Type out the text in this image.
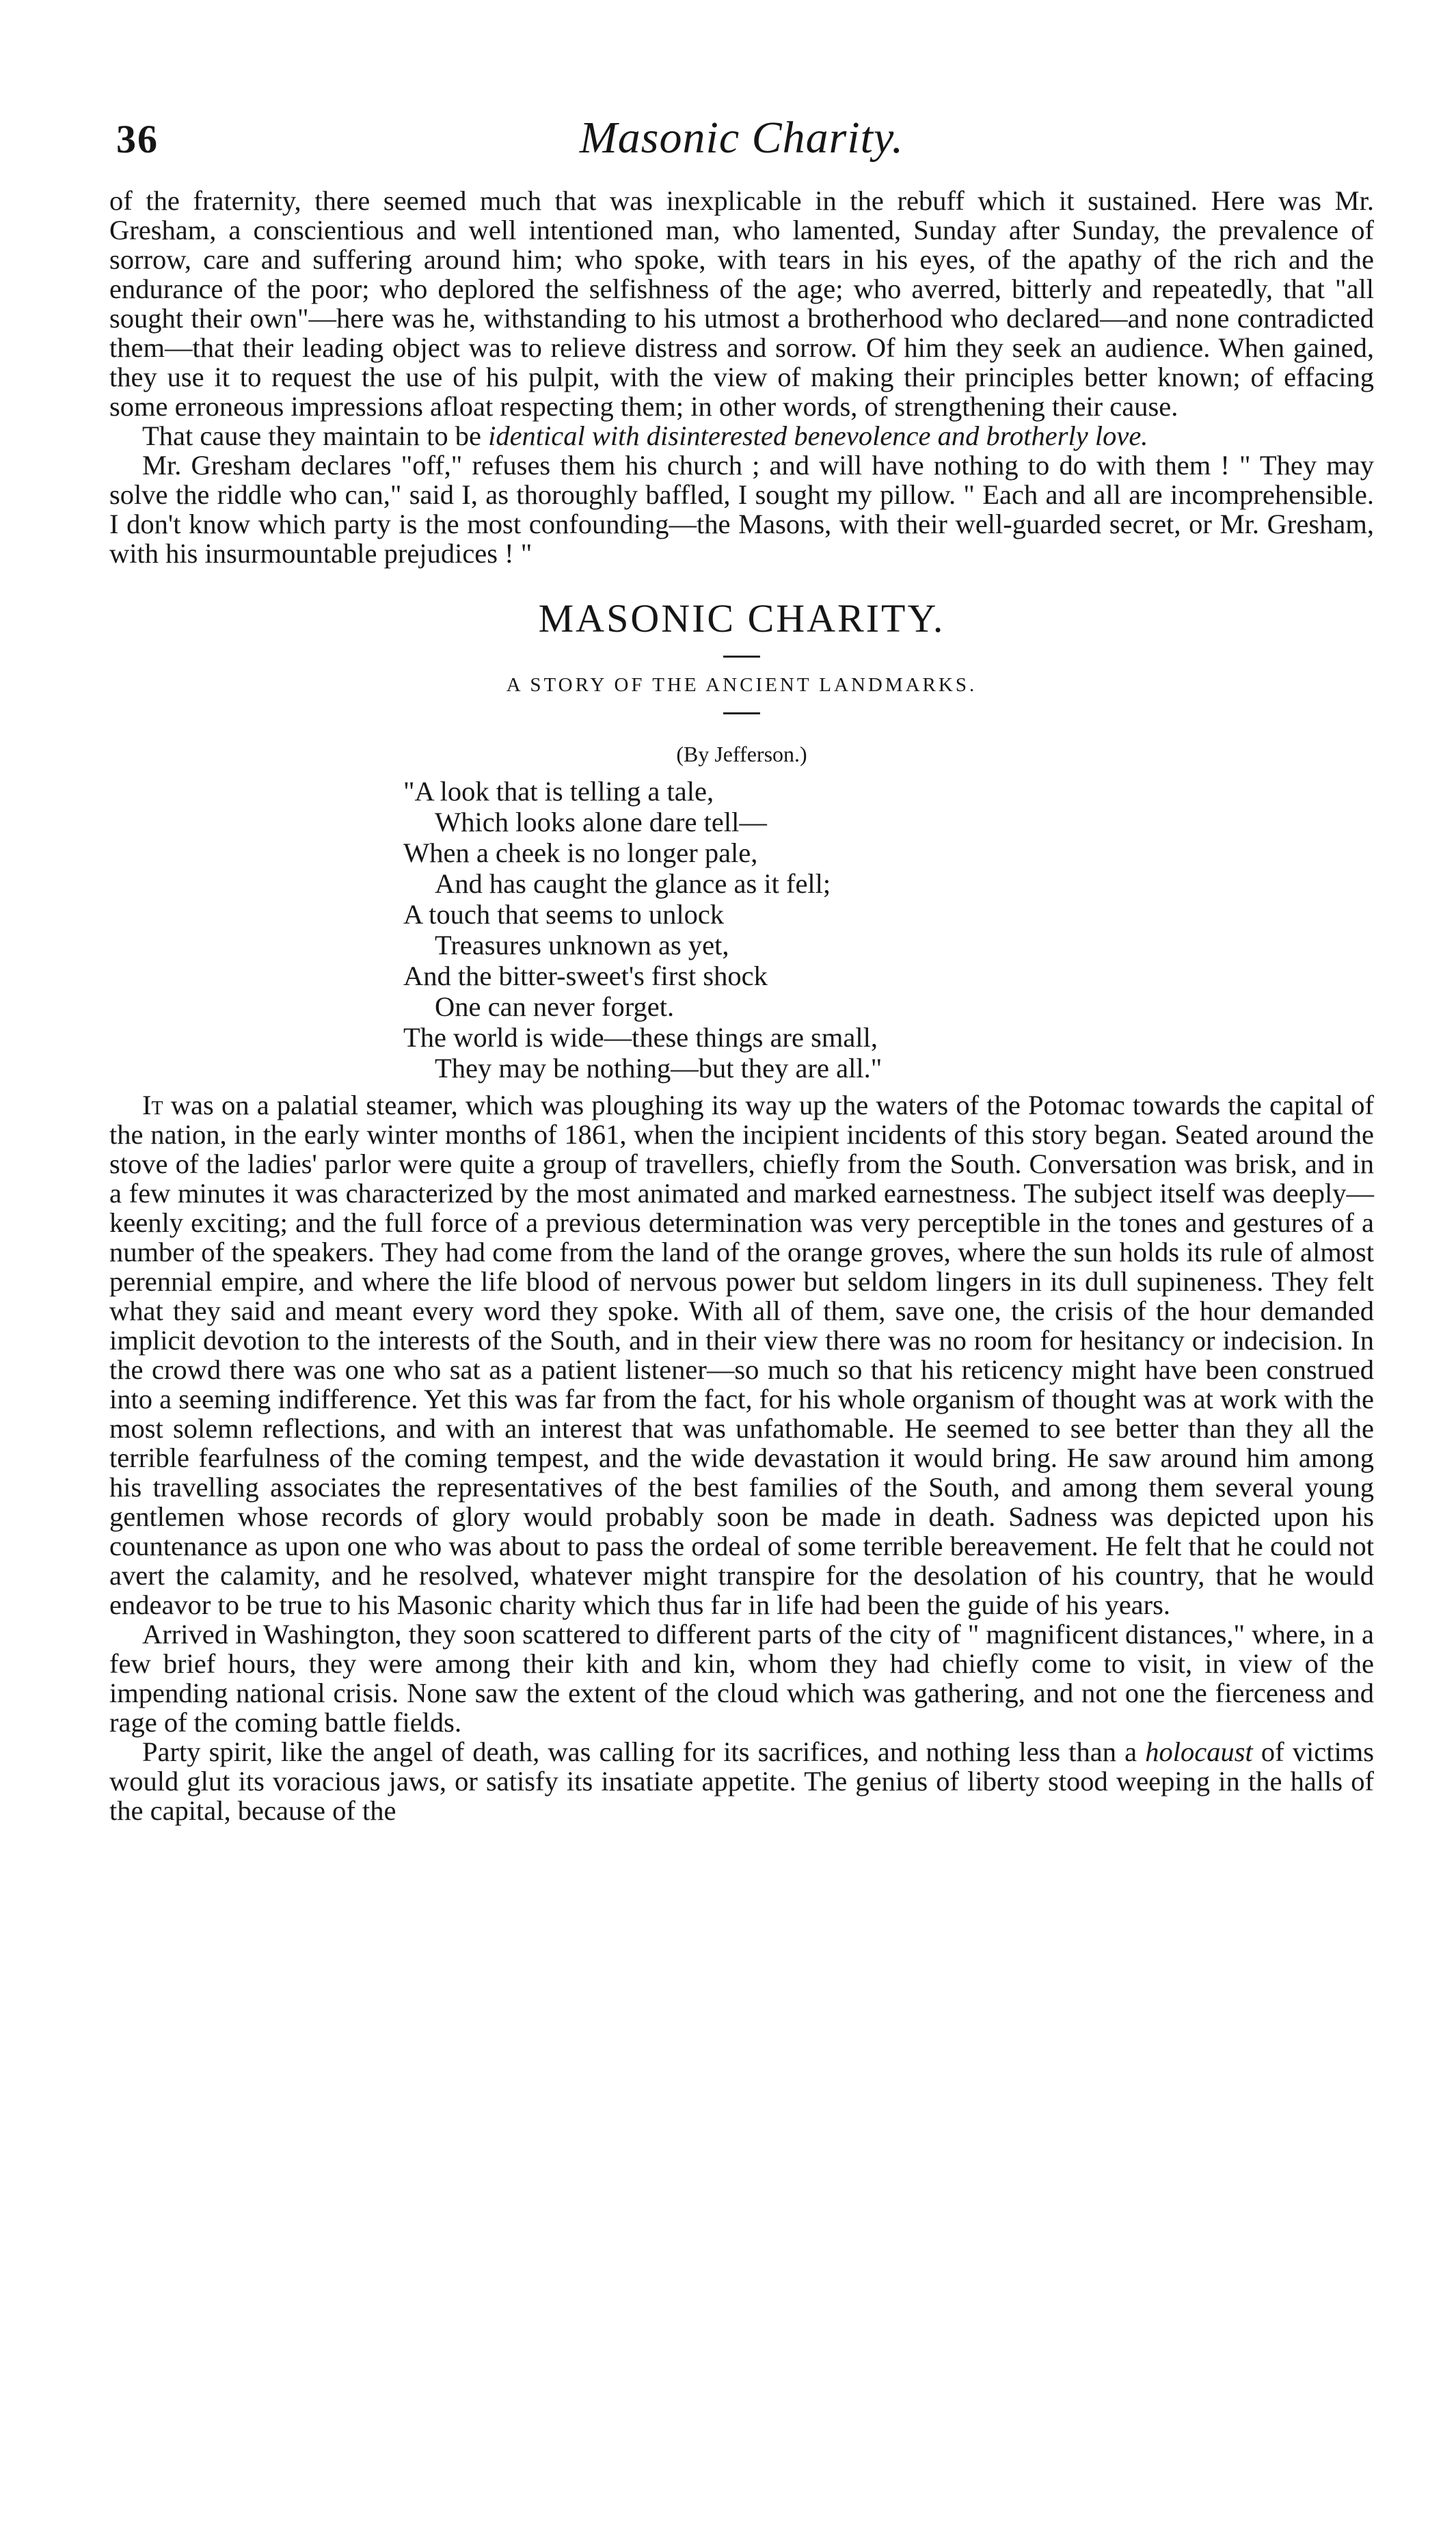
36	Masonic Charity.

of the fraternity, there seemed much that was inexplicable in the rebuff which it sustained. Here was Mr. Gresham, a conscientious and well intentioned man, who lamented, Sunday after Sunday, the prevalence of sorrow, care and suffering around him; who spoke, with tears in his eyes, of the apathy of the rich and the endurance of the poor; who deplored the selfishness of the age; who averred, bitterly and repeatedly, that "all sought their own"—here was he, withstanding to his utmost a brotherhood who declared—and none contradicted them—that their leading object was to relieve distress and sorrow. Of him they seek an audience. When gained, they use it to request the use of his pulpit, with the view of making their principles better known; of effacing some erroneous impressions afloat respecting them; in other words, of strengthening their cause.

That cause they maintain to be identical with disinterested benevolence and brotherly love.

Mr. Gresham declares "off," refuses them his church ; and will have nothing to do with them ! " They may solve the riddle who can," said I, as thoroughly baffled, I sought my pillow. " Each and all are incomprehensible. I don't know which party is the most confounding—the Masons, with their well-guarded secret, or Mr. Gresham, with his insurmountable prejudices ! "

MASONIC CHARITY.
A STORY OF THE ANCIENT LANDMARKS.
(By Jefferson.)
"A look that is telling a tale,
Which looks alone dare tell—
When a cheek is no longer pale,
And has caught the glance as it fell;
A touch that seems to unlock
Treasures unknown as yet,
And the bitter-sweet's first shock
One can never forget.
The world is wide—these things are small,
They may be nothing—but they are all."

It was on a palatial steamer, which was ploughing its way up the waters of the Potomac towards the capital of the nation, in the early winter months of 1861, when the incipient incidents of this story began. Seated around the stove of the ladies' parlor were quite a group of travellers, chiefly from the South. Conversation was brisk, and in a few minutes it was characterized by the most animated and marked earnestness. The subject itself was deeply—keenly exciting; and the full force of a previous determination was very perceptible in the tones and gestures of a number of the speakers. They had come from the land of the orange groves, where the sun holds its rule of almost perennial empire, and where the life blood of nervous power but seldom lingers in its dull supineness. They felt what they said and meant every word they spoke. With all of them, save one, the crisis of the hour demanded implicit devotion to the interests of the South, and in their view there was no room for hesitancy or indecision. In the crowd there was one who sat as a patient listener—so much so that his reticency might have been construed into a seeming indifference. Yet this was far from the fact, for his whole organism of thought was at work with the most solemn reflections, and with an interest that was unfathomable. He seemed to see better than they all the terrible fearfulness of the coming tempest, and the wide devastation it would bring. He saw around him among his travelling associates the representatives of the best families of the South, and among them several young gentlemen whose records of glory would probably soon be made in death. Sadness was depicted upon his countenance as upon one who was about to pass the ordeal of some terrible bereavement. He felt that he could not avert the calamity, and he resolved, whatever might transpire for the desolation of his country, that he would endeavor to be true to his Masonic charity which thus far in life had been the guide of his years.

Arrived in Washington, they soon scattered to different parts of the city of " magnificent distances," where, in a few brief hours, they were among their kith and kin, whom they had chiefly come to visit, in view of the impending national crisis. None saw the extent of the cloud which was gathering, and not one the fierceness and rage of the coming battle fields.

Party spirit, like the angel of death, was calling for its sacrifices, and nothing less than a holocaust of victims would glut its voracious jaws, or satisfy its insatiate appetite. The genius of liberty stood weeping in the halls of the capital, because of the
